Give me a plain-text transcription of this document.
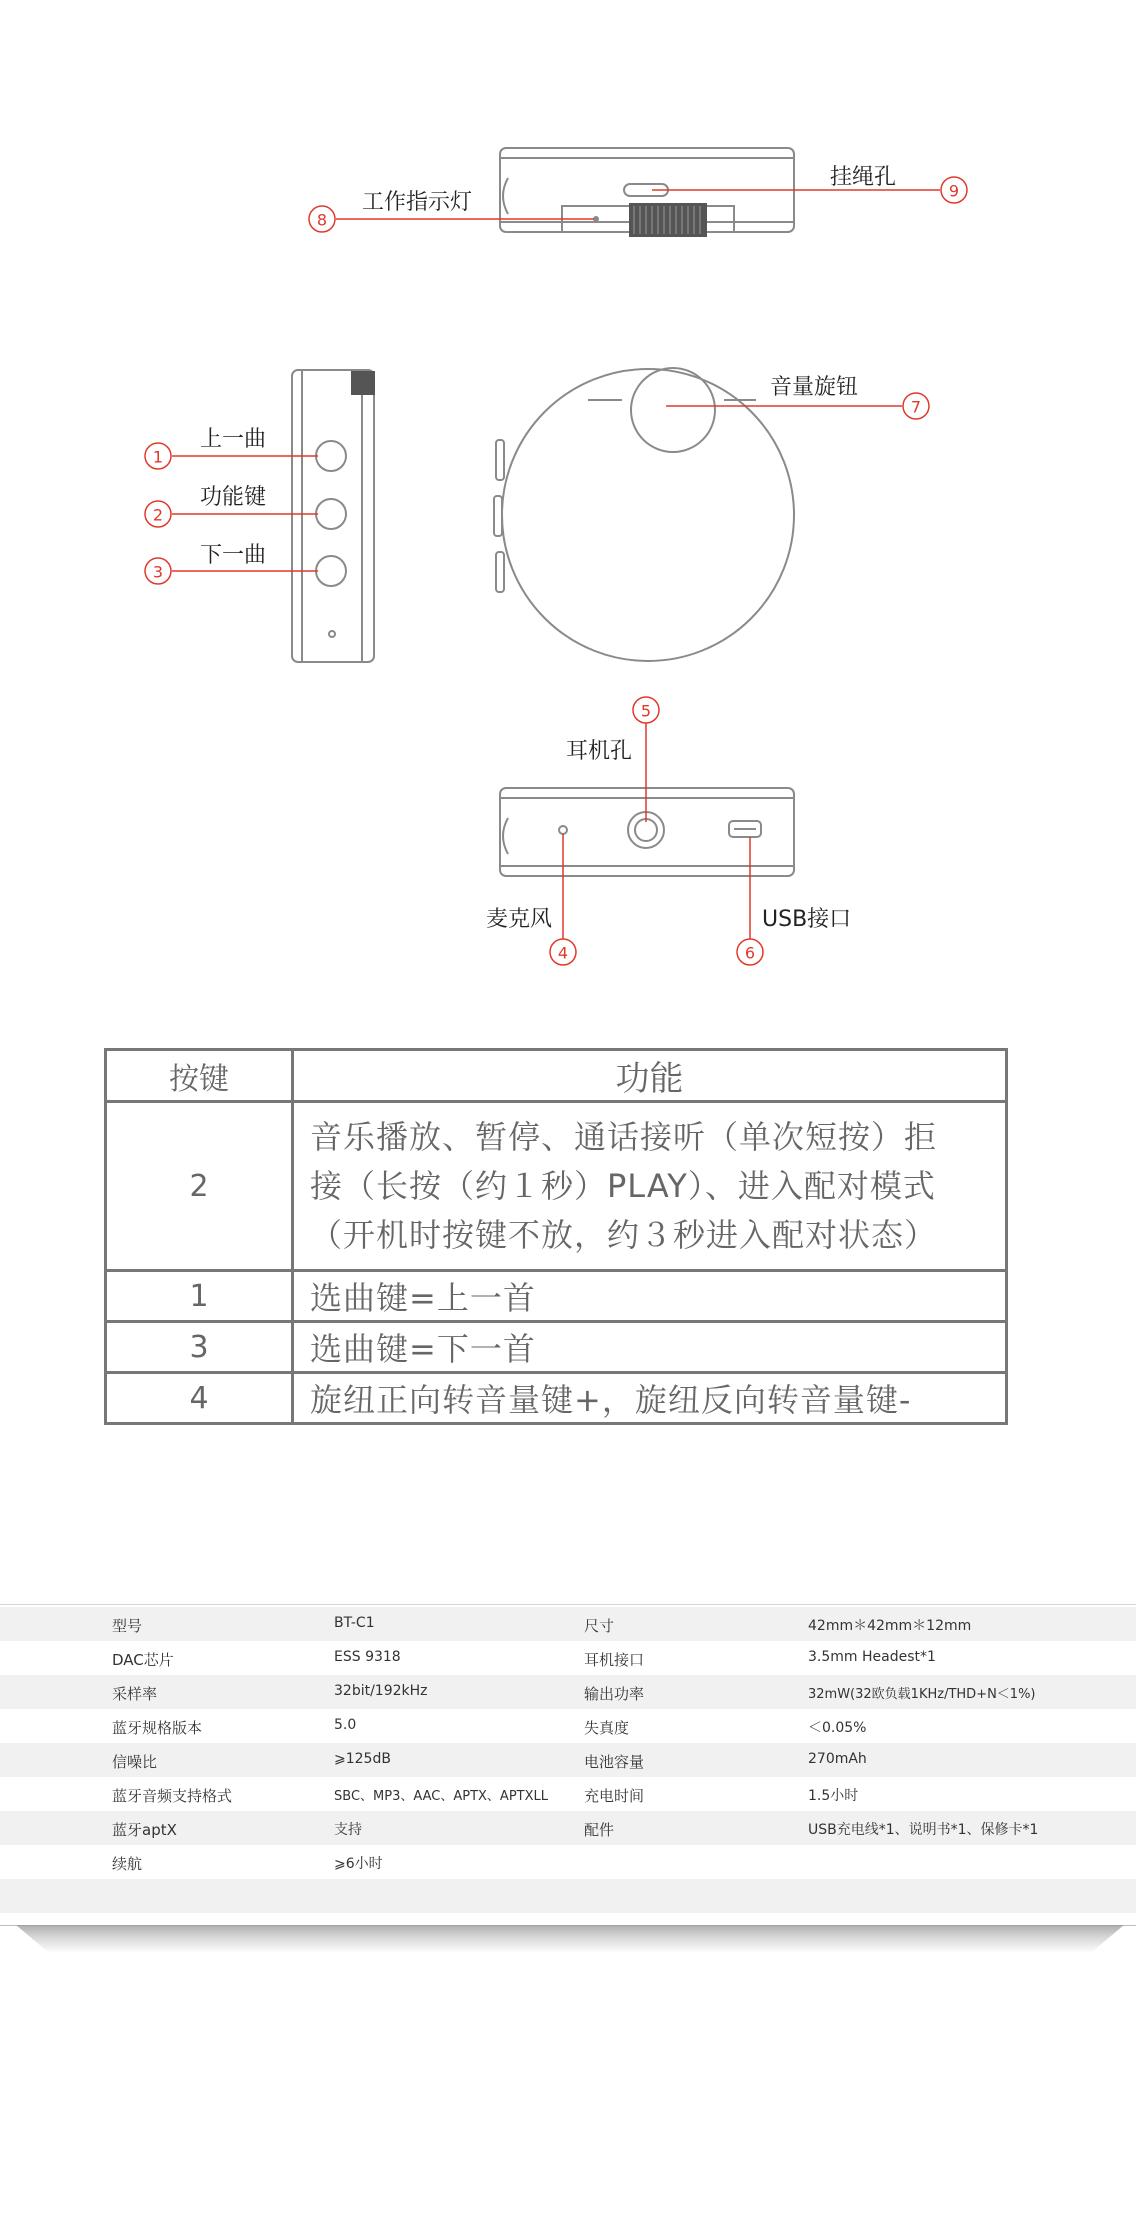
8
9
1
2
3
7
5
4	6
工作指示灯
挂绳孔
上一曲
功能键
下一曲
音量旋钮
耳机孔
麦克风	USB接口
按键	功能
2	音乐播放、暂停、通话接听（单次短按）拒
接（长按（约１秒）PLAY）、进入配对模式
（开机时按键不放，约３秒进入配对状态）

1	选曲键=上一首
3	选曲键=下一首
4	旋纽正向转音量键+，旋纽反向转音量键-
型号	BT-C1	尺寸	42mm＊42mm＊12mm
DAC芯片	ESS 9318	耳机接口	3.5mm Headest*1
采样率	32bit/192kHz	输出功率	32mW(32欧负载1KHz/THD+N＜1%)
蓝牙规格版本	5.0	失真度	＜0.05%
信噪比	⩾125dB	电池容量	270mAh
蓝牙音频支持格式	SBC、MP3、AAC、APTX、APTXLL 充电时间	1.5小时
蓝牙aptX	支持	配件	USB充电线*1、说明书*1、保修卡*1
续航	⩾6小时
